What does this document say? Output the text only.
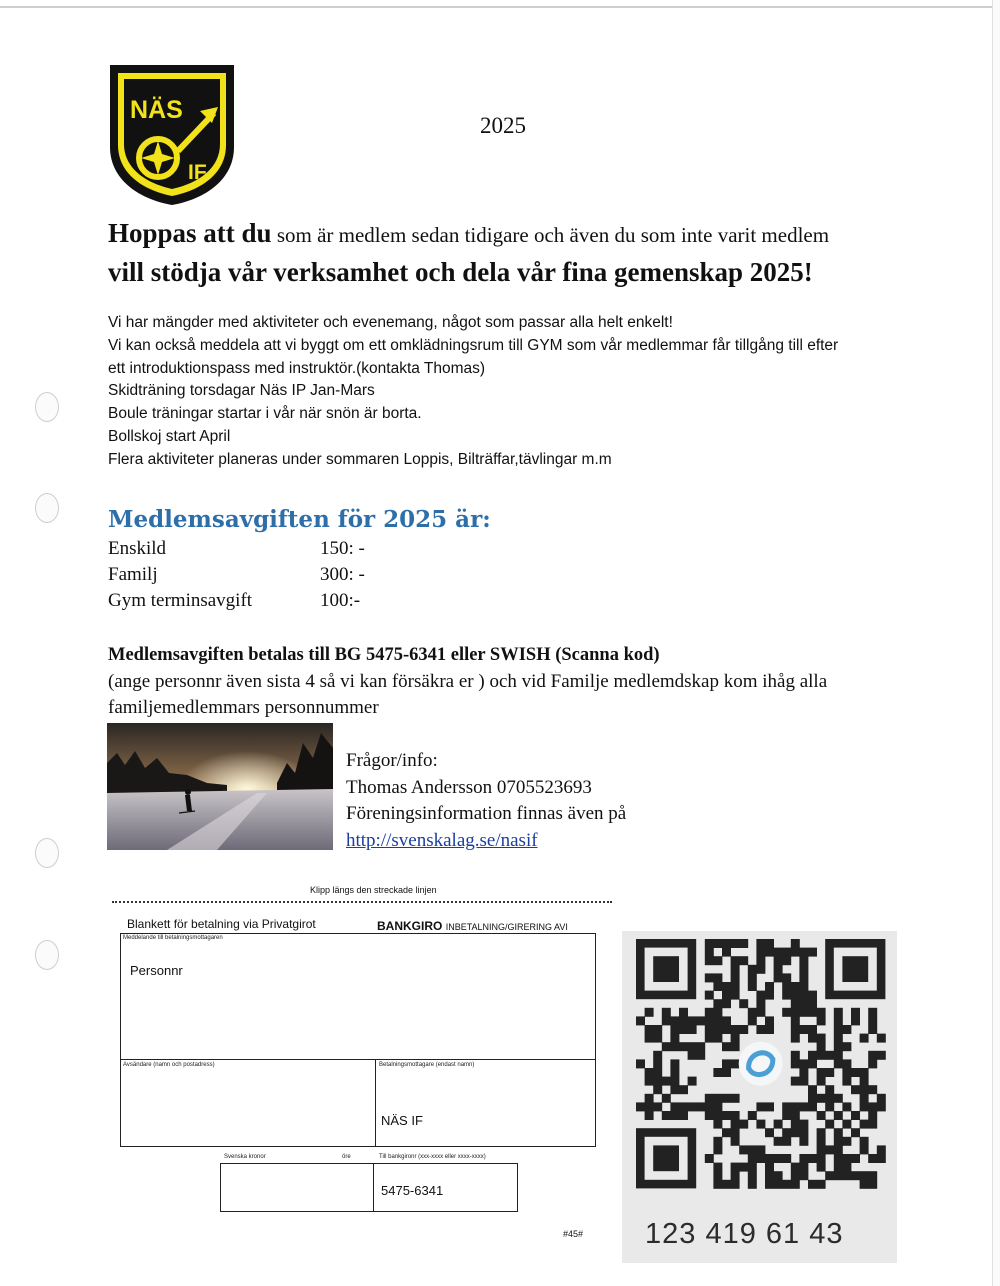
NÄS
IF
2025
Hoppas att du som är medlem sedan tidigare och även du som inte varit medlem
vill stödja vår verksamhet och dela vår fina gemenskap 2025!
Vi har mängder med aktiviteter och evenemang, något som passar alla helt enkelt!
Vi kan också meddela att vi byggt om ett omklädningsrum till GYM som vår medlemmar får tillgång till efter
ett introduktionspass med instruktör.(kontakta Thomas)
Skidträning torsdagar Näs IP Jan-Mars
Boule träningar startar i vår när snön är borta.
Bollskoj start April
Flera aktiviteter planeras under sommaren Loppis, Bilträffar,tävlingar m.m
Medlemsavgiften för 2025 är:
Enskild	150: -
Familj	300: -
Gym terminsavgift	100:-
Medlemsavgiften betalas till BG 5475-6341 eller SWISH (Scanna kod)
(ange personnr även sista 4 så vi kan försäkra er ) och vid Familje medlemdskap kom ihåg alla familjemedlemmars personnummer
Frågor/info:
Thomas Andersson 0705523693
Föreningsinformation finnas även på
http://svenskalag.se/nasif
Klipp längs den streckade linjen
Blankett för betalning via Privatgirot	BANKGIRO INBETALNING/GIRERING AVI
Meddelande till betalningsmottagaren
Personnr
Avsändare (namn och postadress)	Betalningsmottagare (endast namn)
NÄS IF
Svenska kronor	öre	Till bankgironr (xxx-xxxx eller xxxx-xxxx)
5475-6341
#45# 123 419 61 43
